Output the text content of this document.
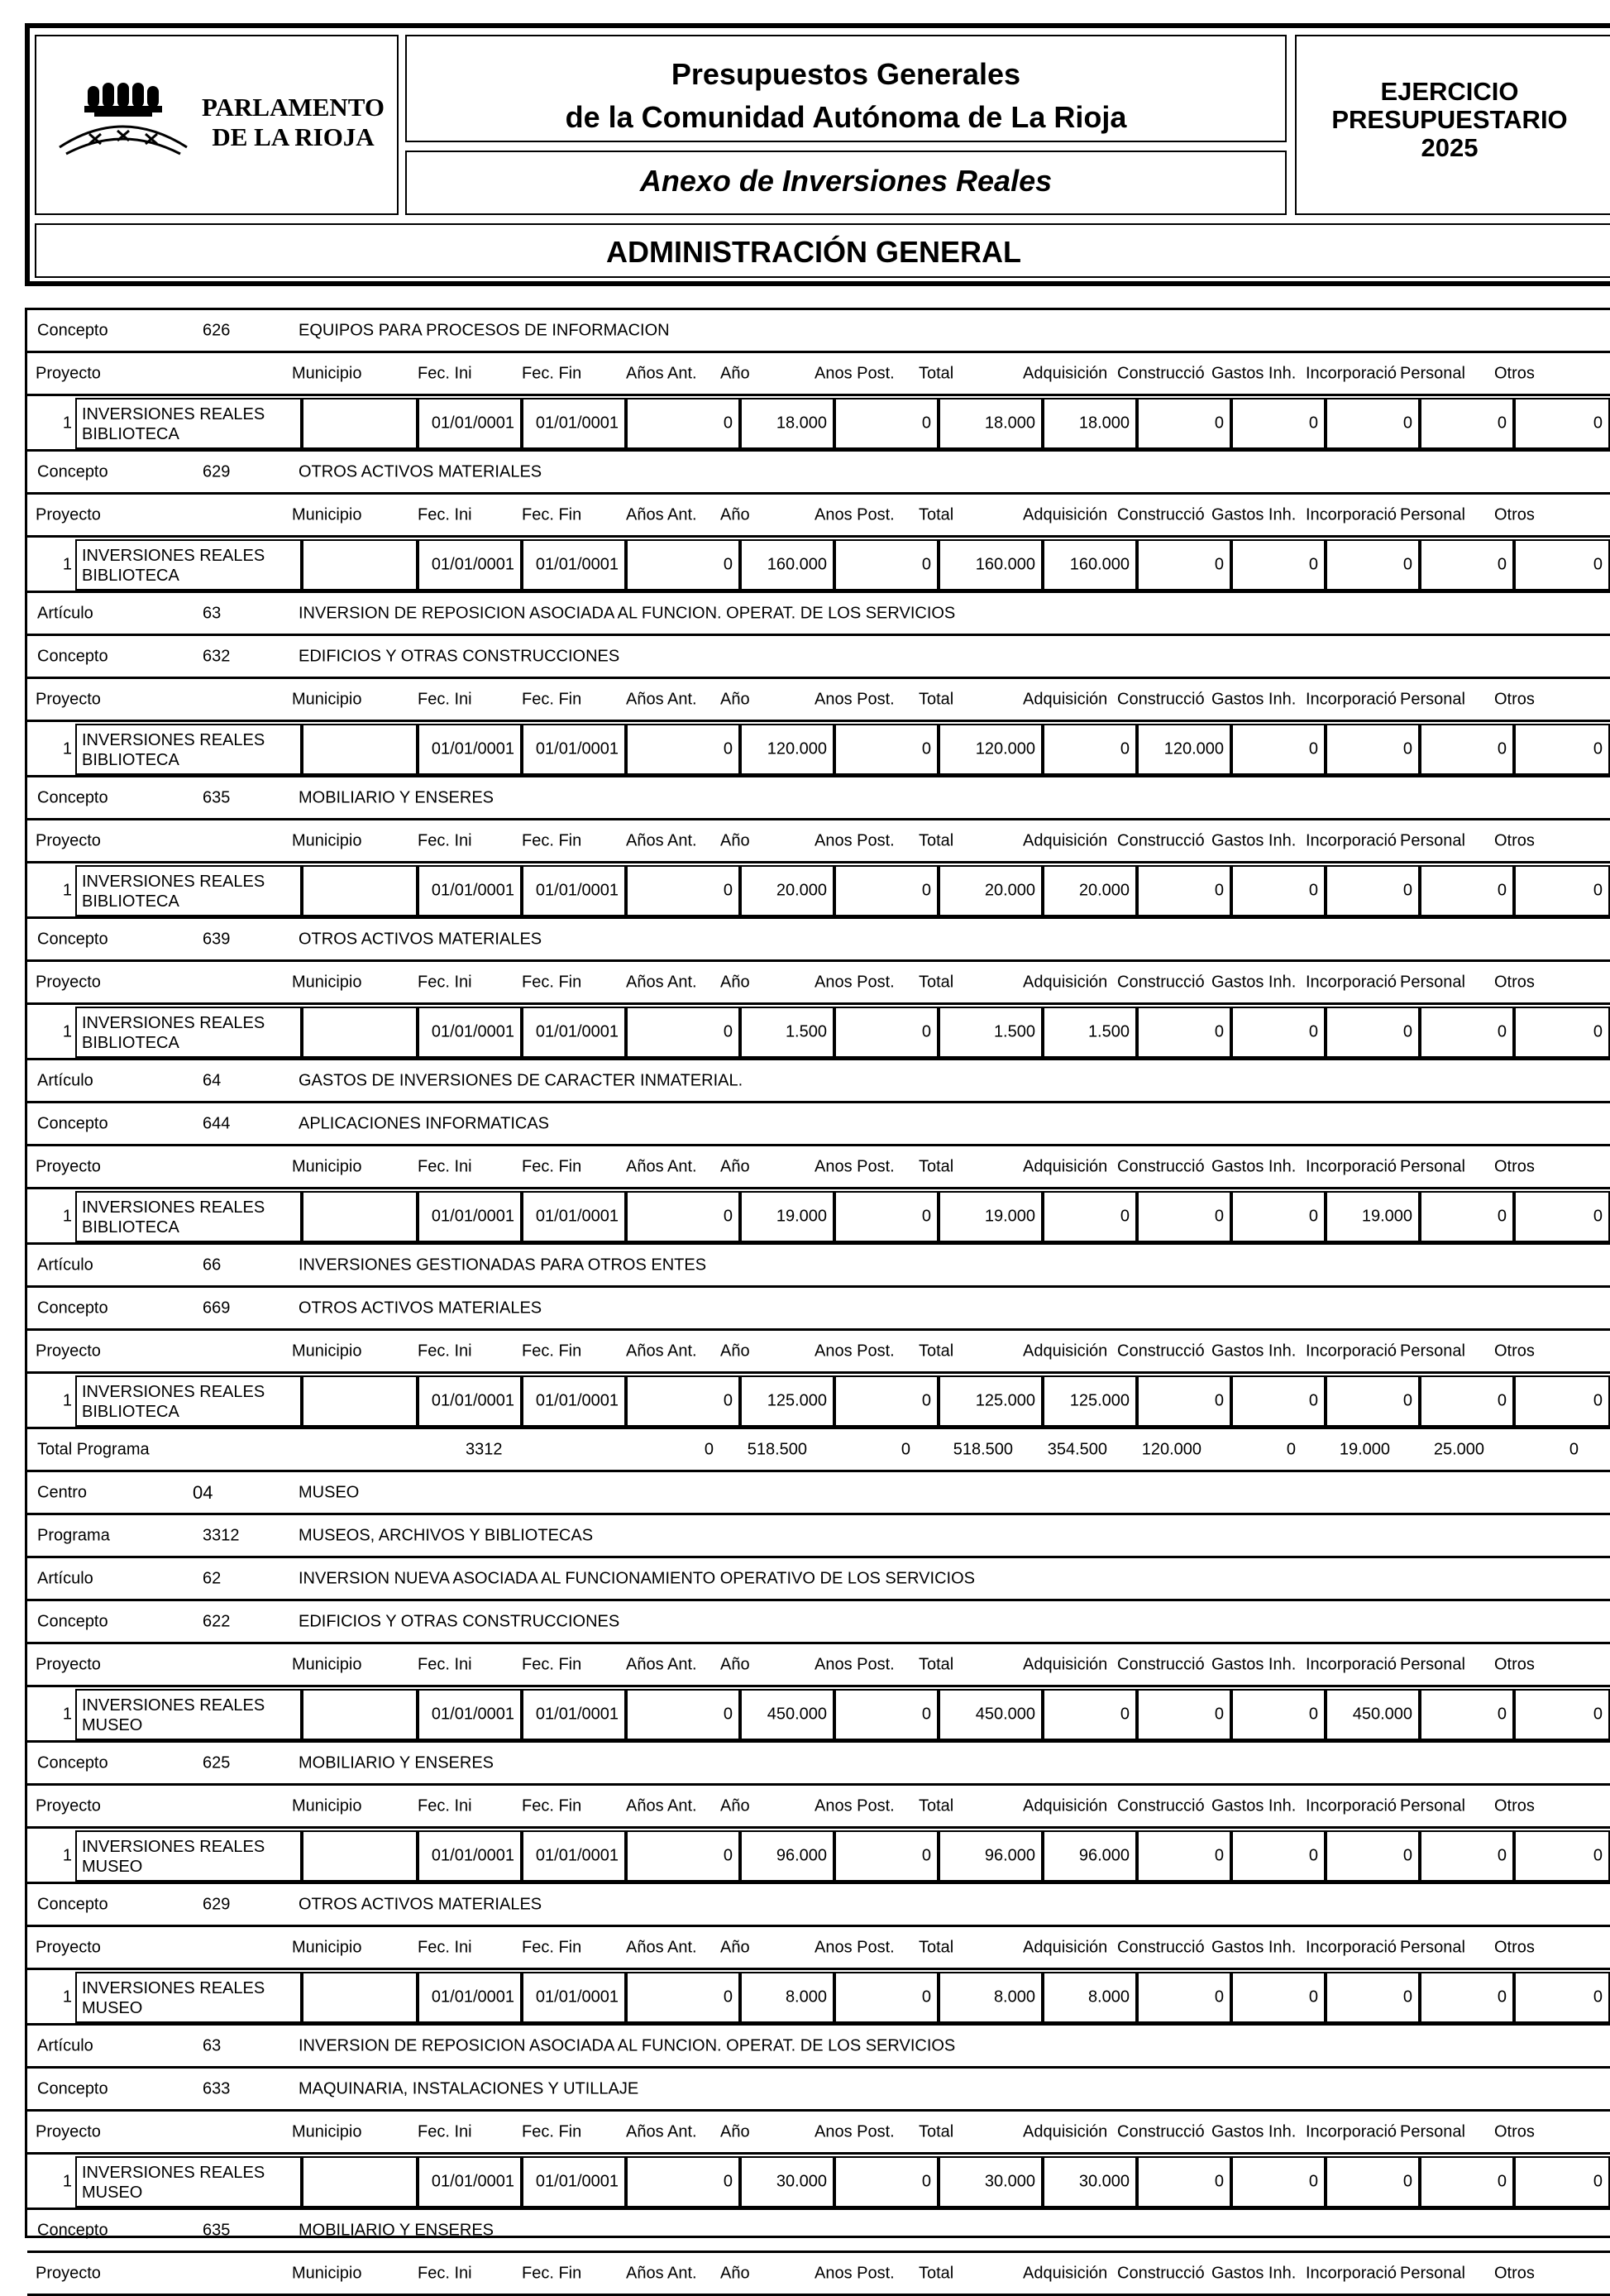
PARLAMENTO
DE LA RIOJA
Presupuestos Generales
de la Comunidad Autónoma de La Rioja
Anexo de Inversiones Reales
EJERCICIO
PRESUPUESTARIO
2025
ADMINISTRACIÓN GENERAL
Concepto	626	EQUIPOS PARA PROCESOS DE INFORMACION
Proyecto	Municipio	Fec. Ini	Fec. Fin	Años Ant. Año	Anos Post. Total	Adquisición Construcció Gastos Inh. Incorporació Personal Otros
1 INVERSIONES REALES
BIBLIOTECA
01/01/0001 01/01/0001	0	18.000	0	18.000	18.000	0	0	0	0	0
Concepto	629	OTROS ACTIVOS MATERIALES
Proyecto	Municipio	Fec. Ini	Fec. Fin	Años Ant. Año	Anos Post. Total	Adquisición Construcció Gastos Inh. Incorporació Personal Otros
1 INVERSIONES REALES
BIBLIOTECA
01/01/0001 01/01/0001	0 160.000	0	160.000 160.000	0	0	0	0	0
Artículo	63	INVERSION DE REPOSICION ASOCIADA AL FUNCION. OPERAT. DE LOS SERVICIOS
Concepto	632	EDIFICIOS Y OTRAS CONSTRUCCIONES
Proyecto	Municipio	Fec. Ini	Fec. Fin	Años Ant. Año	Anos Post. Total	Adquisición Construcció Gastos Inh. Incorporació Personal Otros
1 INVERSIONES REALES
BIBLIOTECA
01/01/0001 01/01/0001	0 120.000	0	120.000	0 120.000	0	0	0	0
Concepto	635	MOBILIARIO Y ENSERES
Proyecto	Municipio	Fec. Ini	Fec. Fin	Años Ant. Año	Anos Post. Total	Adquisición Construcció Gastos Inh. Incorporació Personal Otros
1 INVERSIONES REALES
BIBLIOTECA
01/01/0001 01/01/0001	0	20.000	0	20.000	20.000	0	0	0	0	0
Concepto	639	OTROS ACTIVOS MATERIALES
Proyecto	Municipio	Fec. Ini	Fec. Fin	Años Ant. Año	Anos Post. Total	Adquisición Construcció Gastos Inh. Incorporació Personal Otros
1 INVERSIONES REALES
BIBLIOTECA
01/01/0001 01/01/0001	0	1.500	0	1.500	1.500	0	0	0	0	0
Artículo	64	GASTOS DE INVERSIONES DE CARACTER INMATERIAL.
Concepto	644	APLICACIONES INFORMATICAS
Proyecto	Municipio	Fec. Ini	Fec. Fin	Años Ant. Año	Anos Post. Total	Adquisición Construcció Gastos Inh. Incorporació Personal Otros
1 INVERSIONES REALES
BIBLIOTECA
01/01/0001 01/01/0001	0	19.000	0	19.000	0	0	0	19.000	0	0
Artículo	66	INVERSIONES GESTIONADAS PARA OTROS ENTES
Concepto	669	OTROS ACTIVOS MATERIALES
Proyecto	Municipio	Fec. Ini	Fec. Fin	Años Ant. Año	Anos Post. Total	Adquisición Construcció Gastos Inh. Incorporació Personal Otros
1 INVERSIONES REALES
BIBLIOTECA
01/01/0001 01/01/0001	0 125.000	0	125.000 125.000	0	0	0	0	0
Total Programa	3312	0 518.500	0	518.500 354.500 120.000	0	19.000	25.000	0
Centro	04	MUSEO
Programa	3312	MUSEOS, ARCHIVOS Y BIBLIOTECAS
Artículo	62	INVERSION NUEVA ASOCIADA AL FUNCIONAMIENTO OPERATIVO DE LOS SERVICIOS
Concepto	622	EDIFICIOS Y OTRAS CONSTRUCCIONES
Proyecto	Municipio	Fec. Ini	Fec. Fin	Años Ant. Año	Anos Post. Total	Adquisición Construcció Gastos Inh. Incorporació Personal Otros
1 INVERSIONES REALES
MUSEO
01/01/0001 01/01/0001	0 450.000	0	450.000	0	0	0 450.000	0	0
Concepto	625	MOBILIARIO Y ENSERES
Proyecto	Municipio	Fec. Ini	Fec. Fin	Años Ant. Año	Anos Post. Total	Adquisición Construcció Gastos Inh. Incorporació Personal Otros
1 INVERSIONES REALES
MUSEO
01/01/0001 01/01/0001	0	96.000	0	96.000	96.000	0	0	0	0	0
Concepto	629	OTROS ACTIVOS MATERIALES
Proyecto	Municipio	Fec. Ini	Fec. Fin	Años Ant. Año	Anos Post. Total	Adquisición Construcció Gastos Inh. Incorporació Personal Otros
1 INVERSIONES REALES
MUSEO
01/01/0001 01/01/0001	0	8.000	0	8.000	8.000	0	0	0	0	0
Artículo	63	INVERSION DE REPOSICION ASOCIADA AL FUNCION. OPERAT. DE LOS SERVICIOS
Concepto	633	MAQUINARIA, INSTALACIONES Y UTILLAJE
Proyecto	Municipio	Fec. Ini	Fec. Fin	Años Ant. Año	Anos Post. Total	Adquisición Construcció Gastos Inh. Incorporació Personal Otros
1 INVERSIONES REALES
MUSEO
01/01/0001 01/01/0001	0	30.000	0	30.000	30.000	0	0	0	0	0
Concepto	635	MOBILIARIO Y ENSERES
Proyecto	Municipio	Fec. Ini	Fec. Fin	Años Ant. Año	Anos Post. Total	Adquisición Construcció Gastos Inh. Incorporació Personal Otros
